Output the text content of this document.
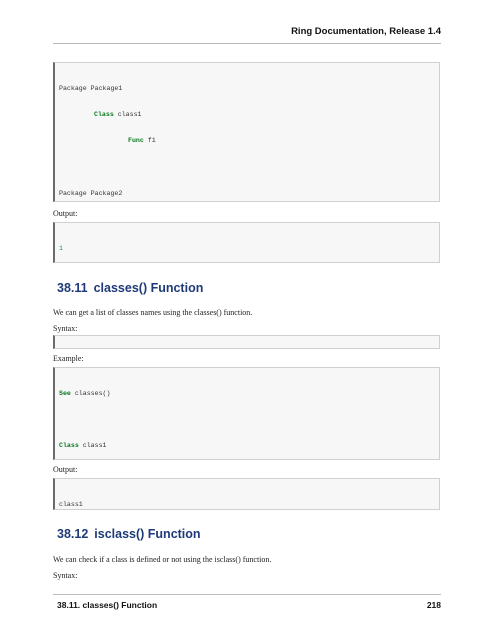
Ring Documentation, Release 1.4

Package Package1

Class class1

Func f1

Package Package2

Output:

1

38.11 classes() Function
We can get a list of classes names using the classes() function.
Syntax:

Example:

See classes()

Class class1

Output:

class1

38.12 isclass() Function
We can check if a class is defined or not using the isclass() function.
Syntax:
38.11. classes() Function	218
